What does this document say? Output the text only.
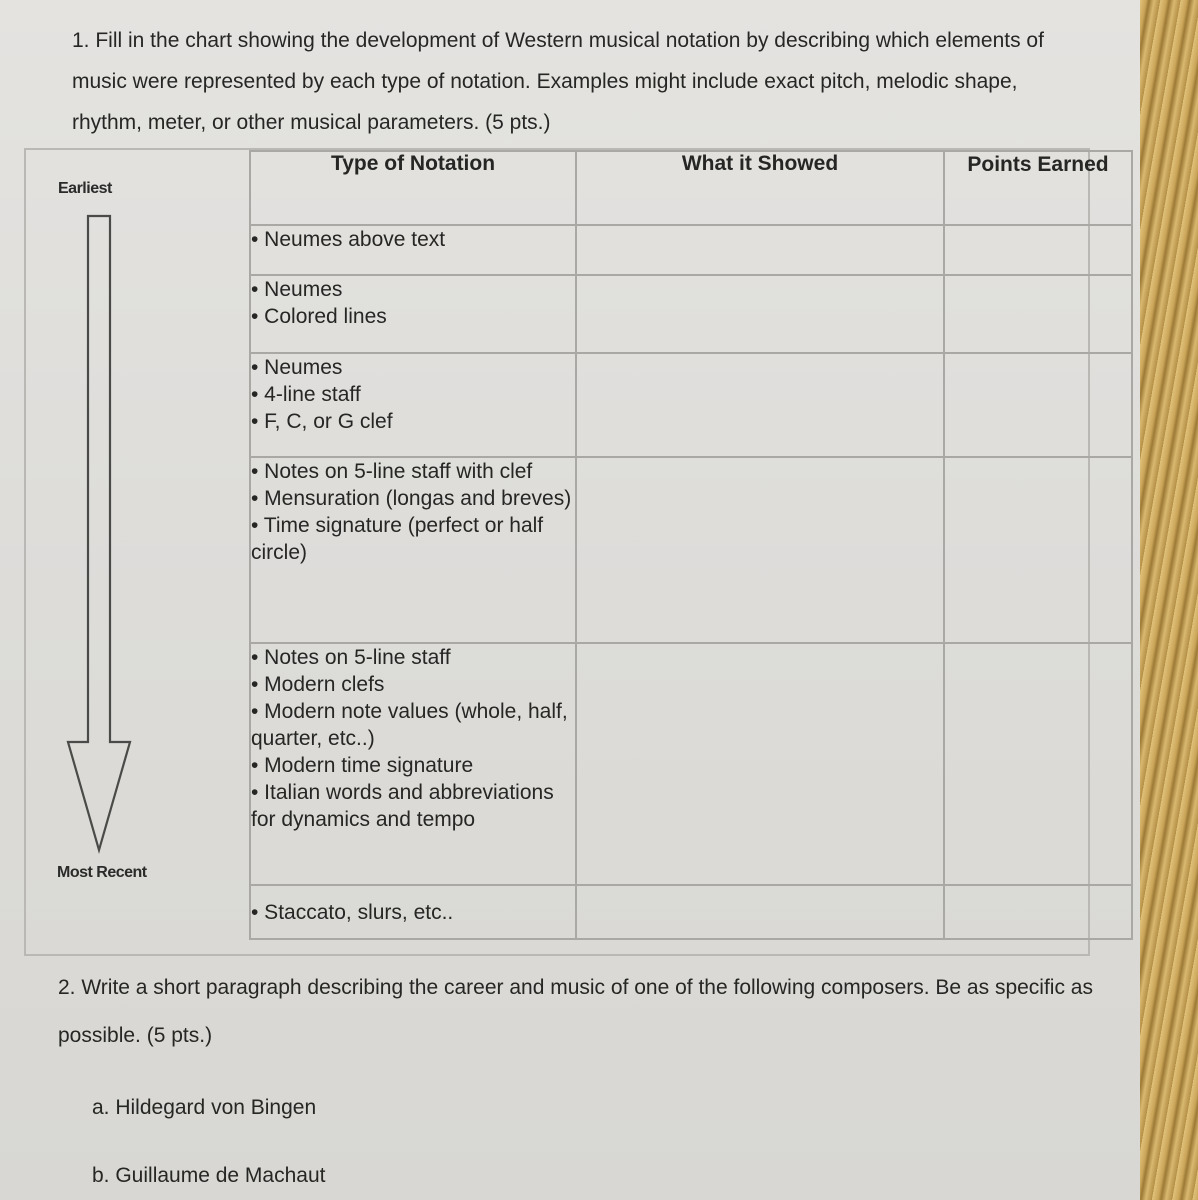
1. Fill in the chart showing the development of Western musical notation by describing which elements of music were represented by each type of notation. Examples might include exact pitch, melodic shape, rhythm, meter, or other musical parameters. (5 pts.)

Earliest
Most Recent
Type of Notation	What it Showed	Points Earned

• Neumes above text		

• Neumes
• Colored lines		

• Neumes
• 4-line staff
• F, C, or G clef		

• Notes on 5-line staff with clef
• Mensuration (longas and breves)
• Time signature (perfect or half circle)		

• Notes on 5-line staff
• Modern clefs
• Modern note values (whole, half, quarter, etc..)
• Modern time signature
• Italian words and abbreviations for dynamics and tempo		

• Staccato, slurs, etc..		

2. Write a short paragraph describing the career and music of one of the following composers. Be as specific as possible. (5 pts.)

a. Hildegard von Bingen
b. Guillaume de Machaut
